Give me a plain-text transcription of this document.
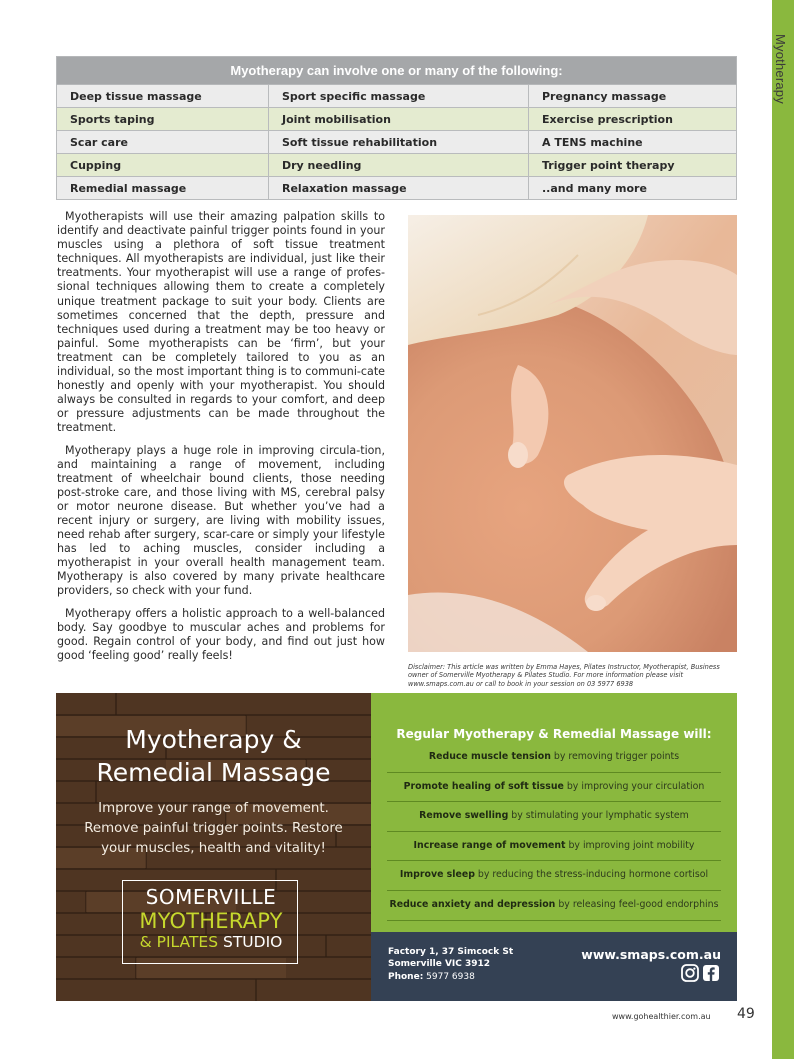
Myotherapy
Myotherapy can involve one or many of the following:		
Deep tissue massage	Sport specific massage	Pregnancy massage
Sports taping	Joint mobilisation	Exercise prescription
Scar care	Soft tissue rehabilitation	A TENS machine
Cupping	Dry needling	Trigger point therapy
Remedial massage	Relaxation massage	..and many more

Myotherapists will use their amazing palpation skills to identify and deactivate painful trigger points found in your muscles using a plethora of soft tissue treatment techniques. All myotherapists are individual, just like their treatments. Your myotherapist will use a range of profes-sional techniques allowing them to create a completely unique treatment package to suit your body. Clients are sometimes concerned that the depth, pressure and techniques used during a treatment may be too heavy or painful. Some myotherapists can be ‘firm’, but your treatment can be completely tailored to you as an individual, so the most important thing is to communi-cate honestly and openly with your myotherapist. You should always be consulted in regards to your comfort, and deep or pressure adjustments can be made throughout the treatment.

Myotherapy plays a huge role in improving circula-tion, and maintaining a range of movement, including treatment of wheelchair bound clients, those needing post-stroke care, and those living with MS, cerebral palsy or motor neurone disease. But whether you’ve had a recent injury or surgery, are living with mobility issues, need rehab after surgery, scar-care or simply your lifestyle has led to aching muscles, consider including a myotherapist in your overall health management team. Myotherapy is also covered by many private healthcare providers, so check with your fund.

Myotherapy offers a holistic approach to a well-balanced body. Say goodbye to muscular aches and problems for good. Regain control of your body, and find out just how good ‘feeling good’ really feels!

Disclaimer: This article was written by Emma Hayes, Pilates Instructor, Myotherapist, Business owner of Somerville Myotherapy & Pilates Studio. For more information please visit www.smaps.com.au or call to book in your session on 03 5977 6938
Myotherapy &
Remedial Massage
Improve your range of movement.
Remove painful trigger points. Restore
your muscles, health and vitality!
SOMERVILLE
MYOTHERAPY
& PILATES STUDIO
Regular Myotherapy & Remedial Massage will:
Reduce muscle tension by removing trigger points
Promote healing of soft tissue by improving your circulation
Remove swelling by stimulating your lymphatic system
Increase range of movement by improving joint mobility
Improve sleep by reducing the stress-inducing hormone cortisol
Reduce anxiety and depression by releasing feel-good endorphins
Factory 1, 37 Simcock St
Somerville VIC 3912
Phone: 5977 6938
www.smaps.com.au
www.gohealthier.com.au 49
